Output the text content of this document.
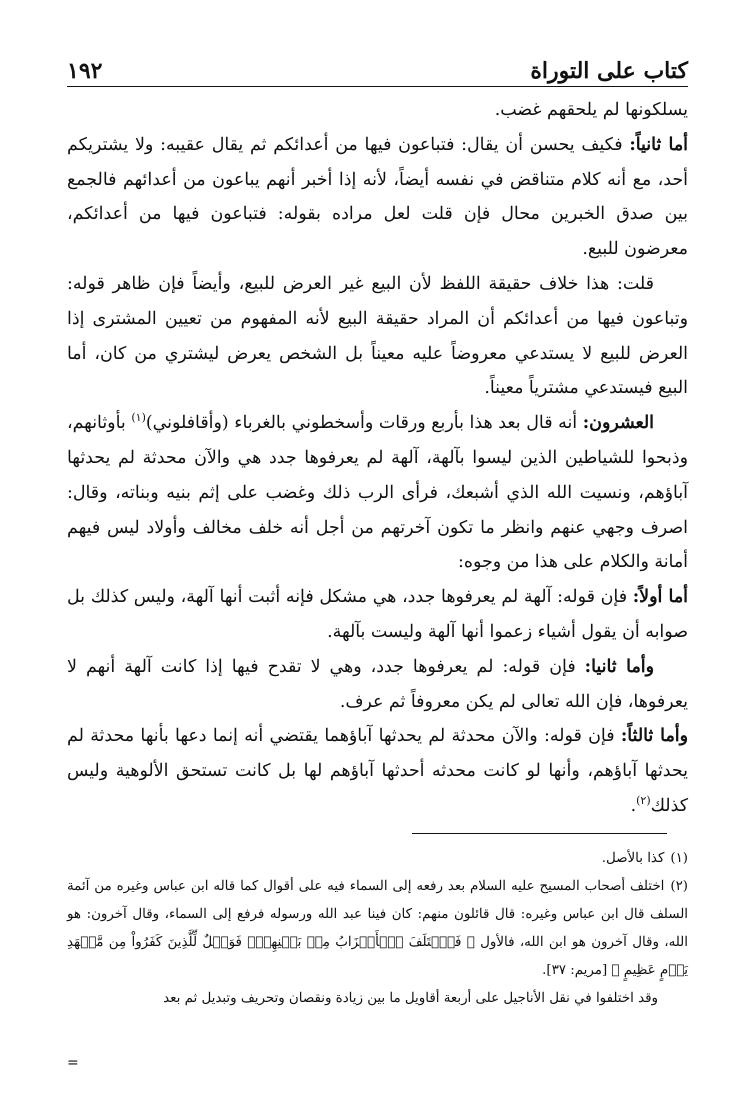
كتاب على التوراة
١٩٢

يسلكونها لم يلحقهم غضب.

أما ثانياً: فكيف يحسن أن يقال: فتباعون فيها من أعدائكم ثم يقال عقيبه: ولا يشتريكم أحد، مع أنه كلام متناقض في نفسه أيضاً، لأنه إذا أخبر أنهم يباعون من أعدائهم فالجمع بين صدق الخبرين محال فإن قلت لعل مراده بقوله: فتباعون فيها من أعدائكم، معرضون للبيع.

قلت: هذا خلاف حقيقة اللفظ لأن البيع غير العرض للبيع، وأيضاً فإن ظاهر قوله: وتباعون فيها من أعدائكم أن المراد حقيقة البيع لأنه المفهوم من تعيين المشترى إذا العرض للبيع لا يستدعي معروضاً عليه معيناً بل الشخص يعرض ليشتري من كان، أما البيع فيستدعي مشترياً معيناً.

العشرون: أنه قال بعد هذا بأربع ورقات وأسخطوني بالغرباء (وأقافلوني)$^{(١)}$ بأوثانهم، وذبحوا للشياطين الذين ليسوا بآلهة، آلهة لم يعرفوها جدد هي والآن محدثة لم يحدثها آباؤهم، ونسيت الله الذي أشبعك، فرأى الرب ذلك وغضب على إثم بنيه وبناته، وقال: اصرف وجهي عنهم وانظر ما تكون آخرتهم من أجل أنه خلف مخالف وأولاد ليس فيهم أمانة والكلام على هذا من وجوه:

أما أولاً: فإن قوله: آلهة لم يعرفوها جدد، هي مشكل فإنه أثبت أنها آلهة، وليس كذلك بل صوابه أن يقول أشياء زعموا أنها آلهة وليست بآلهة.

وأما ثانيا: فإن قوله: لم يعرفوها جدد، وهي لا تقدح فيها إذا كانت آلهة أنهم لا يعرفوها، فإن الله تعالى لم يكن معروفاً ثم عرف.

وأما ثالثاً: فإن قوله: والآن محدثة لم يحدثها آباؤهما يقتضي أنه إنما دعها بأنها محدثة لم يحدثها آباؤهم، وأنها لو كانت محدثه أحدثها آباؤهم لها بل كانت تستحق الألوهية وليس كذلك$^{(٢)}$.

(١)كذا بالأصل.

(٢)اختلف أصحاب المسيح عليه السلام بعد رفعه إلى السماء فيه على أقوال كما قاله ابن عباس وغيره من آئمة السلف قال ابن عباس وغيره: قال قائلون منهم: كان فينا عبد الله ورسوله فرفع إلى السماء، وقال آخرون: هو الله، وقال آخرون هو ابن الله، فالأول ﴿ فَٱخۡتَلَفَ ٱلۡأَحۡزَابُ مِنۢ بَيۡنِهِمۡۖ فَوَيۡلٌ لِّلَّذِينَ كَفَرُواْ مِن مَّشۡهَدِ يَوۡمٍ عَظِيمٍ ﴾ [مريم: ٣٧].

وقد اختلفوا في نقل الأناجيل على أربعة أقاويل ما بين زيادة ونقصان وتحريف وتبديل ثم بعد

=
